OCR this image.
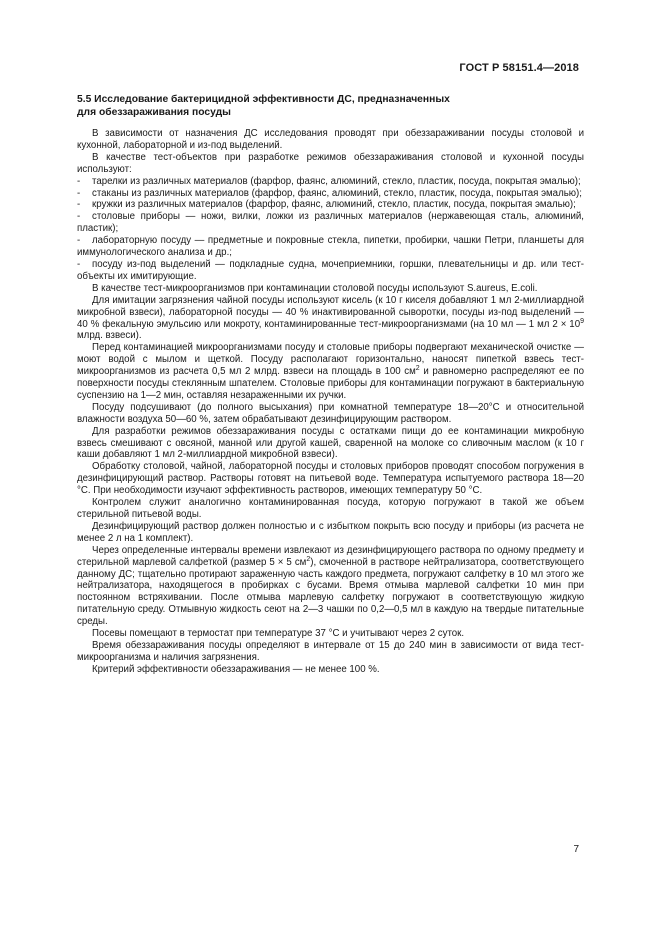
ГОСТ Р 58151.4—2018
5.5 Исследование бактерицидной эффективности ДС, предназначенных
для обеззараживания посуды

В зависимости от назначения ДС исследования проводят при обеззараживании посуды столовой и кухонной, лабораторной и из-под выделений.

В качестве тест-объектов при разработке режимов обеззараживания столовой и кухонной посуды используют:

- тарелки из различных материалов (фарфор, фаянс, алюминий, стекло, пластик, посуда, покрытая эмалью);

- стаканы из различных материалов (фарфор, фаянс, алюминий, стекло, пластик, посуда, покрытая эмалью);

- кружки из различных материалов (фарфор, фаянс, алюминий, стекло, пластик, посуда, покрытая эмалью);

- столовые приборы — ножи, вилки, ложки из различных материалов (нержавеющая сталь, алюминий, пластик);

- лабораторную посуду — предметные и покровные стекла, пипетки, пробирки, чашки Петри, планшеты для иммунологического анализа и др.;

- посуду из-под выделений — подкладные судна, мочеприемники, горшки, плевательницы и др. или тест-объекты их имитирующие.

В качестве тест-микроорганизмов при контаминации столовой посуды используют S.aureus, E.coli.

Для имитации загрязнения чайной посуды используют кисель (к 10 г киселя добавляют 1 мл 2-миллиардной микробной взвеси), лабораторной посуды — 40 % инактивированной сыворотки, посуды из-под выделений — 40 % фекальную эмульсию или мокроту, контаминированные тест-микроорганизмами (на 10 мл — 1 мл $2 \times 10^9$ млрд. взвеси).

Перед контаминацией микроорганизмами посуду и столовые приборы подвергают механической очистке — моют водой с мылом и щеткой. Посуду располагают горизонтально, наносят пипеткой взвесь тест-микроорганизмов из расчета 0,5 мл 2 млрд. взвеси на площадь в 100 $см^2$ и равномерно распределяют ее по поверхности посуды стеклянным шпателем. Столовые приборы для контаминации погружают в бактериальную суспензию на 1—2 мин, оставляя незараженными их ручки.

Посуду подсушивают (до полного высыхания) при комнатной температуре 18—20°С и относительной влажности воздуха 50—60 %, затем обрабатывают дезинфицирующим раствором.

Для разработки режимов обеззараживания посуды с остатками пищи до ее контаминации микробную взвесь смешивают с овсяной, манной или другой кашей, сваренной на молоке со сливочным маслом (к 10 г каши добавляют 1 мл 2-миллиардной микробной взвеси).

Обработку столовой, чайной, лабораторной посуды и столовых приборов проводят способом погружения в дезинфицирующий раствор. Растворы готовят на питьевой воде. Температура испытуемого раствора 18—20 °С. При необходимости изучают эффективность растворов, имеющих температуру 50 °С.

Контролем служит аналогично контаминированная посуда, которую погружают в такой же объем стерильной питьевой воды.

Дезинфицирующий раствор должен полностью и с избытком покрыть всю посуду и приборы (из расчета не менее 2 л на 1 комплект).

Через определенные интервалы времени извлекают из дезинфицирующего раствора по одному предмету и стерильной марлевой салфеткой (размер 5 × 5 $см^2$), смоченной в растворе нейтрализатора, соответствующего данному ДС; тщательно протирают зараженную часть каждого предмета, погружают салфетку в 10 мл этого же нейтрализатора, находящегося в пробирках с бусами. Время отмыва марлевой салфетки 10 мин при постоянном встряхивании. После отмыва марлевую салфетку погружают в соответствующую жидкую питательную среду. Отмывную жидкость сеют на 2—3 чашки по 0,2—0,5 мл в каждую на твердые питательные среды.

Посевы помещают в термостат при температуре 37 °С и учитывают через 2 суток.

Время обеззараживания посуды определяют в интервале от 15 до 240 мин в зависимости от вида тест-микроорганизма и наличия загрязнения.

Критерий эффективности обеззараживания — не менее 100 %.

7
